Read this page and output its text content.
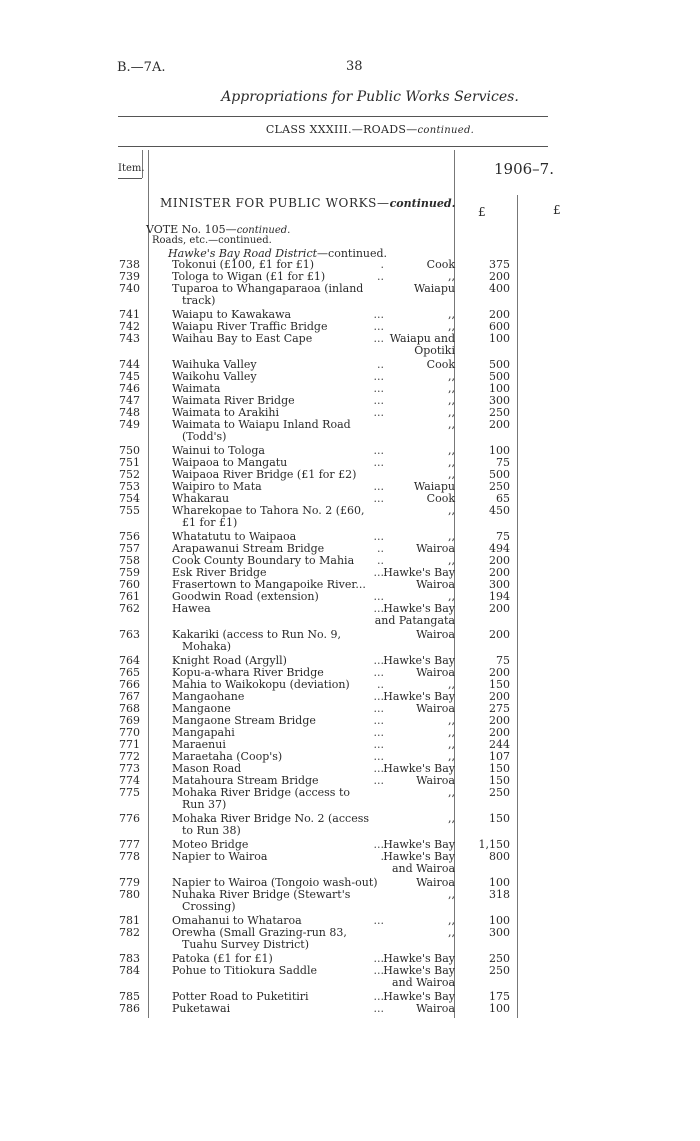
B.—7A.	38
Appropriations for Public Works Services.
CLASS XXXIII.—ROADS—continued.
Item.	1906–7.
£	£
MINISTER FOR PUBLIC WORKS—continued.
VOTE No. 105—continued.
Roads, etc.—continued.
Hawke's Bay Road District—continued.
738	Tokonui (£100, £1 for £1)	.	Cook	375
739	Tologa to Wigan (£1 for £1)	..	,,	200
740	Tuparoa to Whangaparaoa (inland	Waiapu	400
track)
741	Waiapu to Kawakawa	...	,,	200
742	Waiapu River Traffic Bridge	...	,,	600
743	Waihau Bay to East Cape	... Waiapu and	100
Opotiki
744	Waihuka Valley	..	Cook	500
745	Waikohu Valley	...	,,	500
746	Waimata	...	,,	100
747	Waimata River Bridge	...	,,	300
748	Waimata to Arakihi	...	,,	250
749	Waimata to Waiapu Inland Road	,,	200
(Todd's)
750	Wainui to Tologa	...	,,	100
751	Waipaoa to Mangatu	...	,,	75
752	Waipaoa River Bridge (£1 for £2)	,,	500
753	Waipiro to Mata	...	Waiapu	250
754	Whakarau	...	Cook	65
755	Wharekopae to Tahora No. 2 (£60,	,,	450
£1 for £1)
756	Whatatutu to Waipaoa	...	,,	75
757	Arapawanui Stream Bridge	..	Wairoa	494
758	Cook County Boundary to Mahia	..	,,	200
759	Esk River Bridge	... Hawke's Bay	200
760	Frasertown to Mangapoike River...	Wairoa	300
761	Goodwin Road (extension)	...	,,	194
762	Hawea	... Hawke's Bay	200
and Patangata
763	Kakariki (access to Run No. 9,	Wairoa	200
Mohaka)
764	Knight Road (Argyll)	... Hawke's Bay	75
765	Kopu-a-whara River Bridge	...	Wairoa	200
766	Mahia to Waikokopu (deviation)	..	,,	150
767	Mangaohane	... Hawke's Bay	200
768	Mangaone	...	Wairoa	275
769	Mangaone Stream Bridge	...	,,	200
770	Mangapahi	...	,,	200
771	Maraenui	...	,,	244
772	Maraetaha (Coop's)	...	,,	107
773	Mason Road	... Hawke's Bay	150
774	Matahoura Stream Bridge	...	Wairoa	150
775	Mohaka River Bridge (access to	,,	250
Run 37)
776	Mohaka River Bridge No. 2 (access	,,	150
to Run 38)
777	Moteo Bridge	... Hawke's Bay	1,150
778	Napier to Wairoa	. Hawke's Bay	800
and Wairoa
779	Napier to Wairoa (Tongoio wash-out)	Wairoa	100
780	Nuhaka River Bridge (Stewart's	,,	318
Crossing)
781	Omahanui to Whataroa	...	,,	100
782	Orewha (Small Grazing-run 83,	,,	300
Tuahu Survey District)
783	Patoka (£1 for £1)	... Hawke's Bay	250
784	Pohue to Titiokura Saddle	... Hawke's Bay	250
and Wairoa
785	Potter Road to Puketitiri	... Hawke's Bay	175
786	Puketawai	...	Wairoa	100
